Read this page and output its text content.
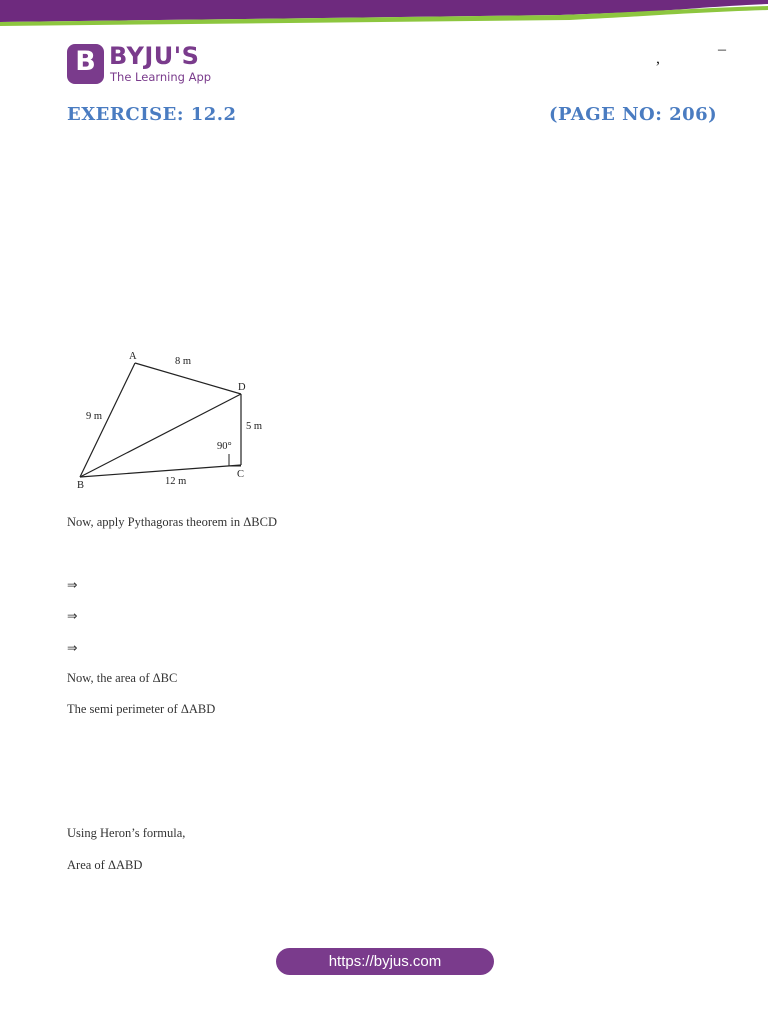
B BYJU'S
The Learning App
,
–
EXERCISE: 12.2	(PAGE NO: 206)
A
B
C
D
8 m
9 m
5 m
12 m
90°
Now, apply Pythagoras theorem in ΔBCD
⇒
⇒
⇒
Now, the area of ΔBC
The semi perimeter of ΔABD
Using Heron’s formula,
Area of ΔABD
https://byjus.com
